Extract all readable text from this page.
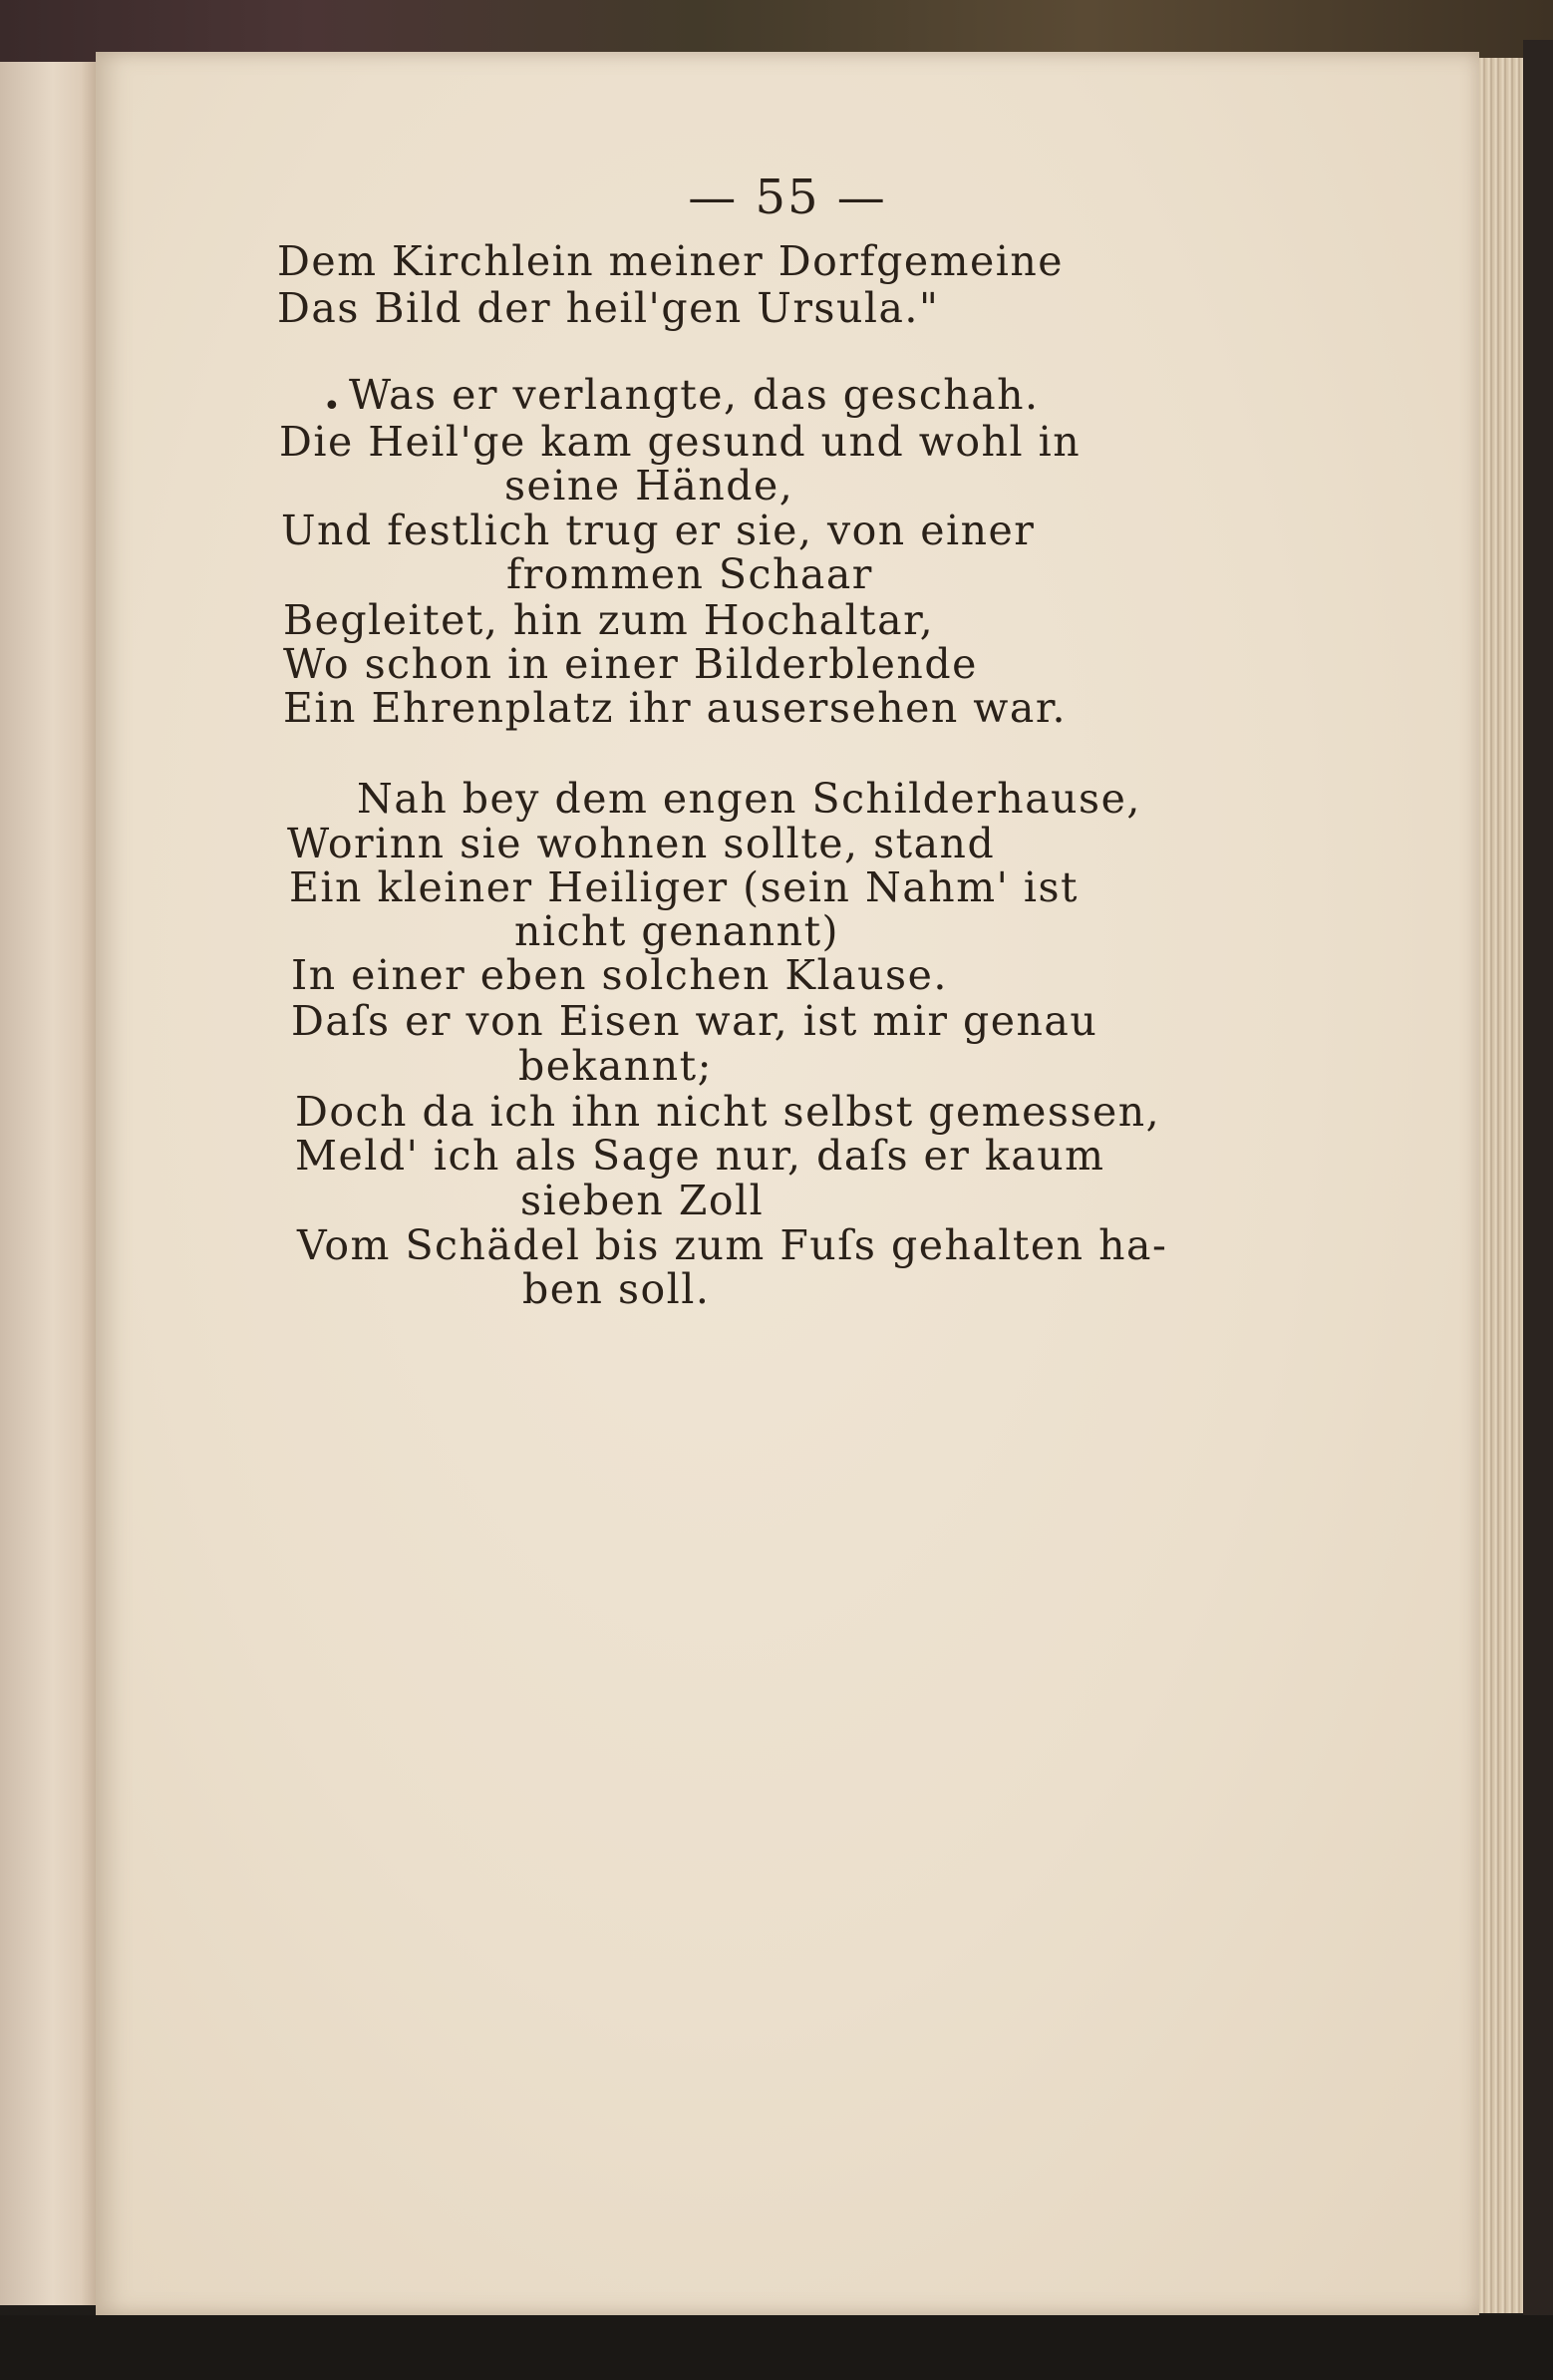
— 55 —
Dem Kirchlein meiner Dorfgemeine
Das Bild der heil'gen Ursula."
• Was er verlangte, das geschah.
Die Heil'ge kam gesund und wohl in
seine Hände,
Und festlich trug er sie, von einer
frommen Schaar
Begleitet, hin zum Hochaltar,
Wo schon in einer Bilderblende
Ein Ehrenplatz ihr ausersehen war.
Nah bey dem engen Schilderhause,
Worinn sie wohnen sollte, stand
Ein kleiner Heiliger (sein Nahm' ist
nicht genannt)
In einer eben solchen Klause.
Daſs er von Eisen war, ist mir genau
bekannt;
Doch da ich ihn nicht selbst gemessen,
Meld' ich als Sage nur, daſs er kaum
sieben Zoll
Vom Schädel bis zum Fuſs gehalten ha-
ben soll.
